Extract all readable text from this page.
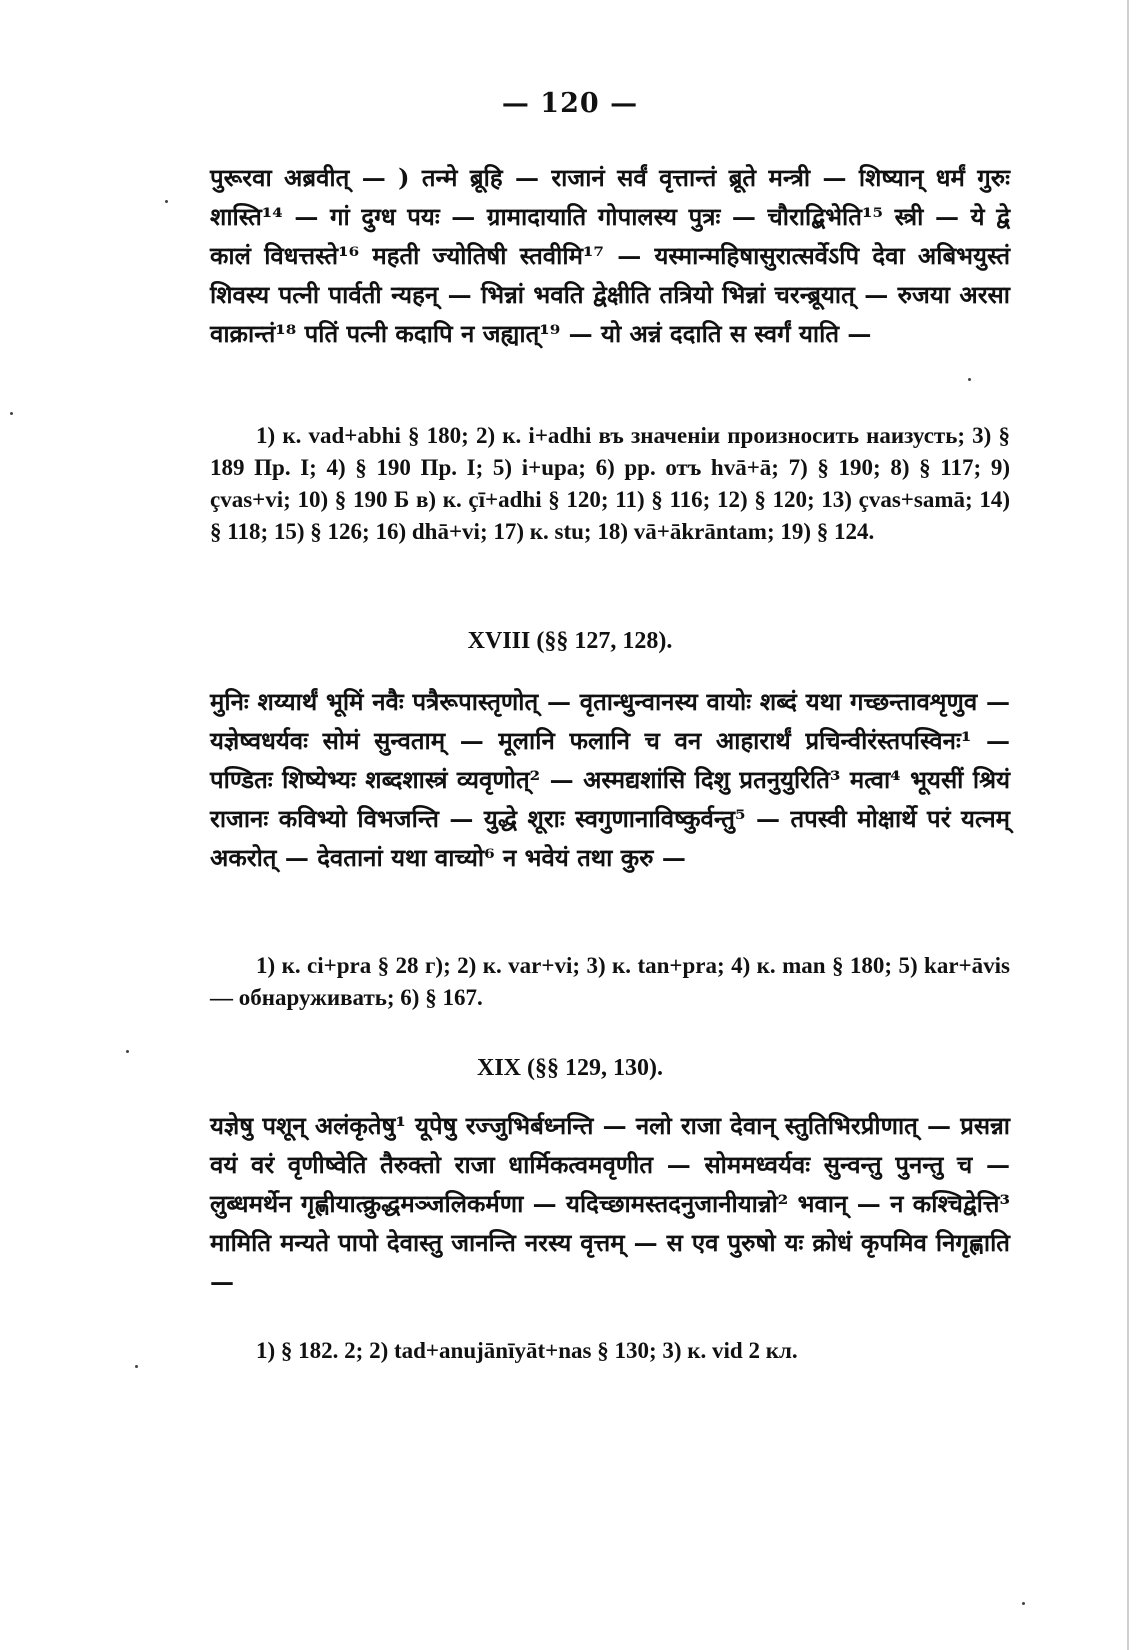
— 120 —
पुरूरवा अब्रवीत् — ) तन्मे ब्रूहि — राजानं सर्वं वृत्तान्तं ब्रूते मन्त्री — शिष्यान् धर्मं गुरुः शास्ति¹⁴ — गां दुग्ध पयः — ग्रामादायाति गोपालस्य पुत्रः — चौराद्बिभेति¹⁵ स्त्री — ये द्वे कालं विधत्तस्ते¹⁶ महती ज्योतिषी स्तवीमि¹⁷ — यस्मान्महिषासुरात्सर्वेऽपि देवा अबिभयुस्तं शिवस्य पत्नी पार्वती न्यहन् — भिन्नां भवति द्वेक्षीति तत्रियो भिन्नां चरन्ब्रूयात् — रुजया अरसा वाक्रान्तं¹⁸ पतिं पत्नी कदापि न जह्यात्¹⁹ — यो अन्नं ददाति स स्वर्गं याति —
1) к. vad+abhi § 180; 2) к. i+adhi въ значеніи произносить наизусть; 3) § 189 Пр. I; 4) § 190 Пр. I; 5) i+upa; 6) pp. отъ hvā+ā; 7) § 190; 8) § 117; 9) çvas+vi; 10) § 190 Б в) к. çī+adhi § 120; 11) § 116; 12) § 120; 13) çvas+samā; 14) § 118; 15) § 126; 16) dhā+vi; 17) к. stu; 18) vā+ākrāntam; 19) § 124.
XVIII (§§ 127, 128).
मुनिः शय्यार्थं भूमिं नवैः पत्रैरूपास्तृणोत् — वृतान्धुन्वानस्य वायोः शब्दं यथा गच्छन्तावशृणुव — यज्ञेष्वधर्यवः सोमं सुन्वताम् — मूलानि फलानि च वन आहारार्थं प्रचिन्वीरंस्तपस्विनः¹ — पण्डितः शिष्येभ्यः शब्दशास्त्रं व्यवृणोत्² — अस्मद्यशांसि दिशु प्रतनुयुरिति³ मत्वा⁴ भूयसीं श्रियं राजानः कविभ्यो विभजन्ति — युद्धे शूराः स्वगुणानाविष्कुर्वन्तु⁵ — तपस्वी मोक्षार्थे परं यत्नम् अकरोत् — देवतानां यथा वाच्यो⁶ न भवेयं तथा कुरु —
1) к. ci+pra § 28 г); 2) к. var+vi; 3) к. tan+pra; 4) к. man § 180; 5) kar+āvis — обнаруживать; 6) § 167.
XIX (§§ 129, 130).
यज्ञेषु पशून् अलंकृतेषु¹ यूपेषु रज्जुभिर्बध्नन्ति — नलो राजा देवान् स्तुतिभिरप्रीणात् — प्रसन्ना वयं वरं वृणीष्वेति तैरुक्तो राजा धार्मिकत्वमवृणीत — सोममध्वर्यवः सुन्वन्तु पुनन्तु च — लुब्धमर्थेन गृह्णीयात्क्रुद्धमञ्जलिकर्मणा — यदिच्छामस्तदनुजानीयान्नो² भवान् — न कश्चिद्वेत्ति³ मामिति मन्यते पापो देवास्तु जानन्ति नरस्य वृत्तम् — स एव पुरुषो यः क्रोधं कृपमिव निगृह्णाति —
1) § 182. 2; 2) tad+anujānīyāt+nas § 130; 3) к. vid 2 кл.
